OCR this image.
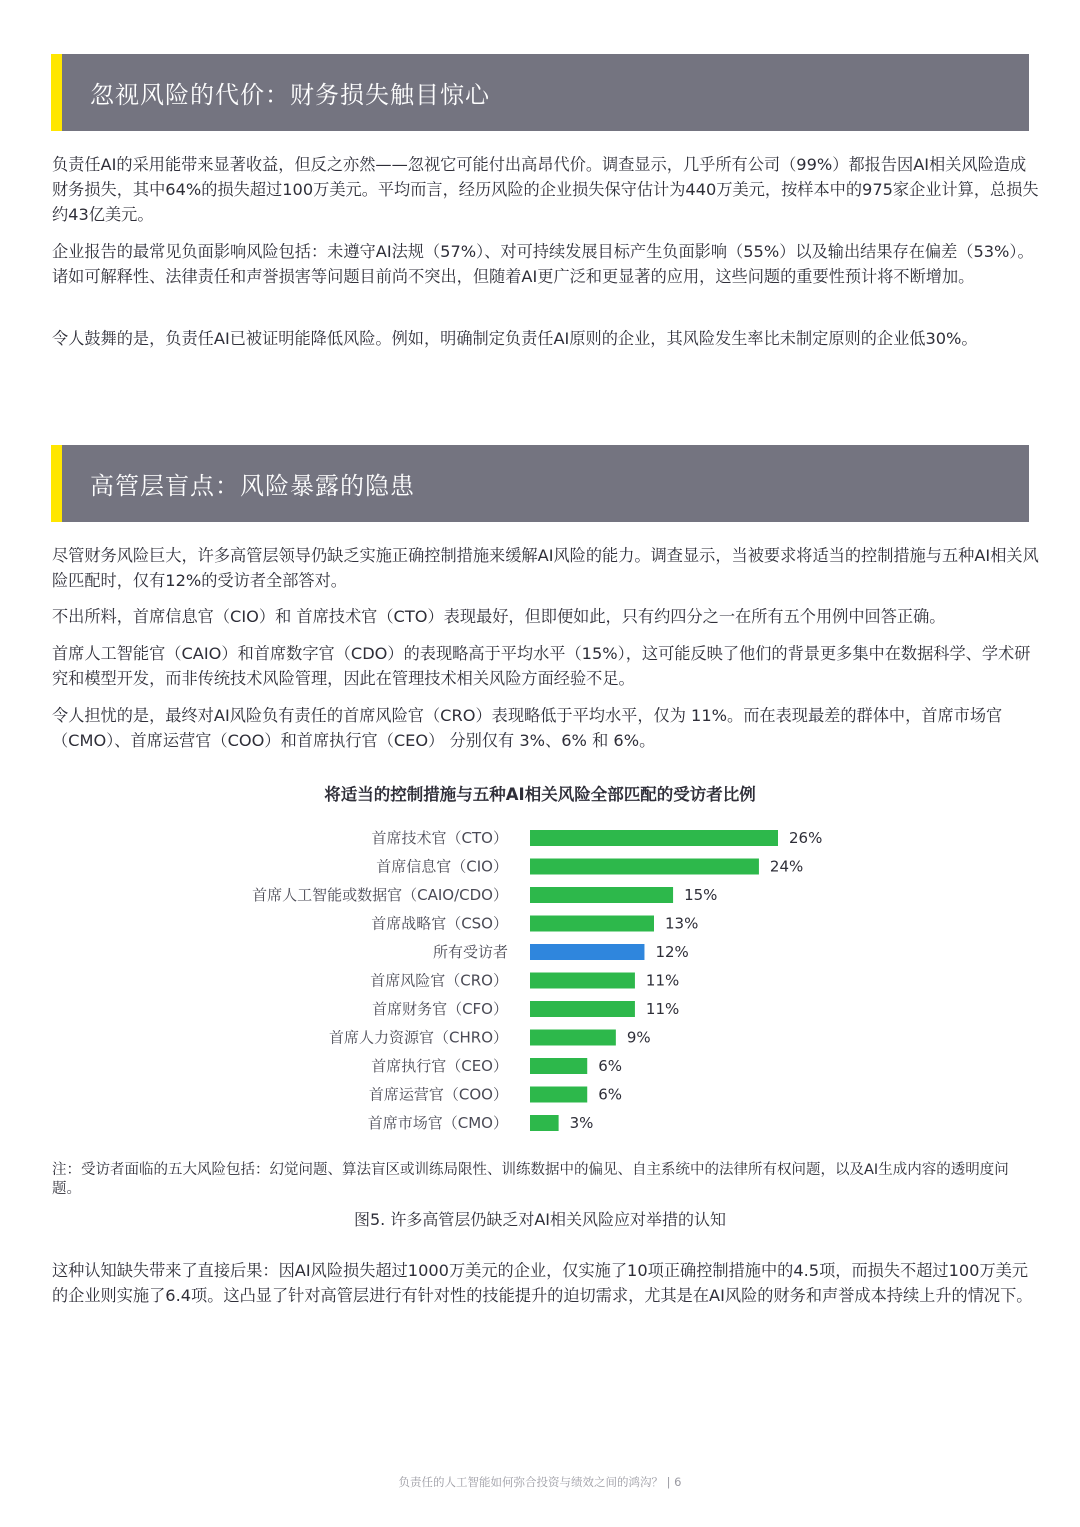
忽视风险的代价：财务损失触目惊心

负责任AI的采用能带来显著收益，但反之亦然——忽视它可能付出高昂代价。调查显示，几乎所有公司（99%）都报告因AI相关风险造成财务损失，其中64%的损失超过100万美元。平均而言，经历风险的企业损失保守估计为440万美元，按样本中的975家企业计算，总损失约43亿美元。

企业报告的最常见负面影响风险包括：未遵守AI法规（57%）、对可持续发展目标产生负面影响（55%）以及输出结果存在偏差（53%）。诸如可解释性、法律责任和声誉损害等问题目前尚不突出，但随着AI更广泛和更显著的应用，这些问题的重要性预计将不断增加。

令人鼓舞的是，负责任AI已被证明能降低风险。例如，明确制定负责任AI原则的企业，其风险发生率比未制定原则的企业低30%。

高管层盲点：风险暴露的隐患

尽管财务风险巨大，许多高管层领导仍缺乏实施正确控制措施来缓解AI风险的能力。调查显示，当被要求将适当的控制措施与五种AI相关风险匹配时，仅有12%的受访者全部答对。

不出所料，首席信息官（CIO）和 首席技术官（CTO）表现最好，但即便如此，只有约四分之一在所有五个用例中回答正确。

首席人工智能官（CAIO）和首席数字官（CDO）的表现略高于平均水平（15%），这可能反映了他们的背景更多集中在数据科学、学术研究和模型开发，而非传统技术风险管理，因此在管理技术相关风险方面经验不足。

令人担忧的是，最终对AI风险负有责任的首席风险官（CRO）表现略低于平均水平，仅为 11%。而在表现最差的群体中，首席市场官（CMO）、首席运营官（COO）和首席执行官（CEO） 分别仅有 3%、6% 和 6%。

将适当的控制措施与五种AI相关风险全部匹配的受访者比例

首席技术官（CTO）	26%
首席信息官（CIO）	24%
首席人工智能或数据官（CAIO/CDO）	15%
首席战略官（CSO）	13%
所有受访者	12%
首席风险官（CRO）	11%
首席财务官（CFO）	11%
首席人力资源官（CHRO）	9%
首席执行官（CEO）	6%
首席运营官（COO）	6%
首席市场官（CMO）	3%

注：受访者面临的五大风险包括：幻觉问题、算法盲区或训练局限性、训练数据中的偏见、自主系统中的法律所有权问题，以及AI生成内容的透明度问题。

图5. 许多高管层仍缺乏对AI相关风险应对举措的认知

这种认知缺失带来了直接后果：因AI风险损失超过1000万美元的企业，仅实施了10项正确控制措施中的4.5项，而损失不超过100万美元的企业则实施了6.4项。这凸显了针对高管层进行有针对性的技能提升的迫切需求，尤其是在AI风险的财务和声誉成本持续上升的情况下。

负责任的人工智能如何弥合投资与绩效之间的鸿沟？ | 6
